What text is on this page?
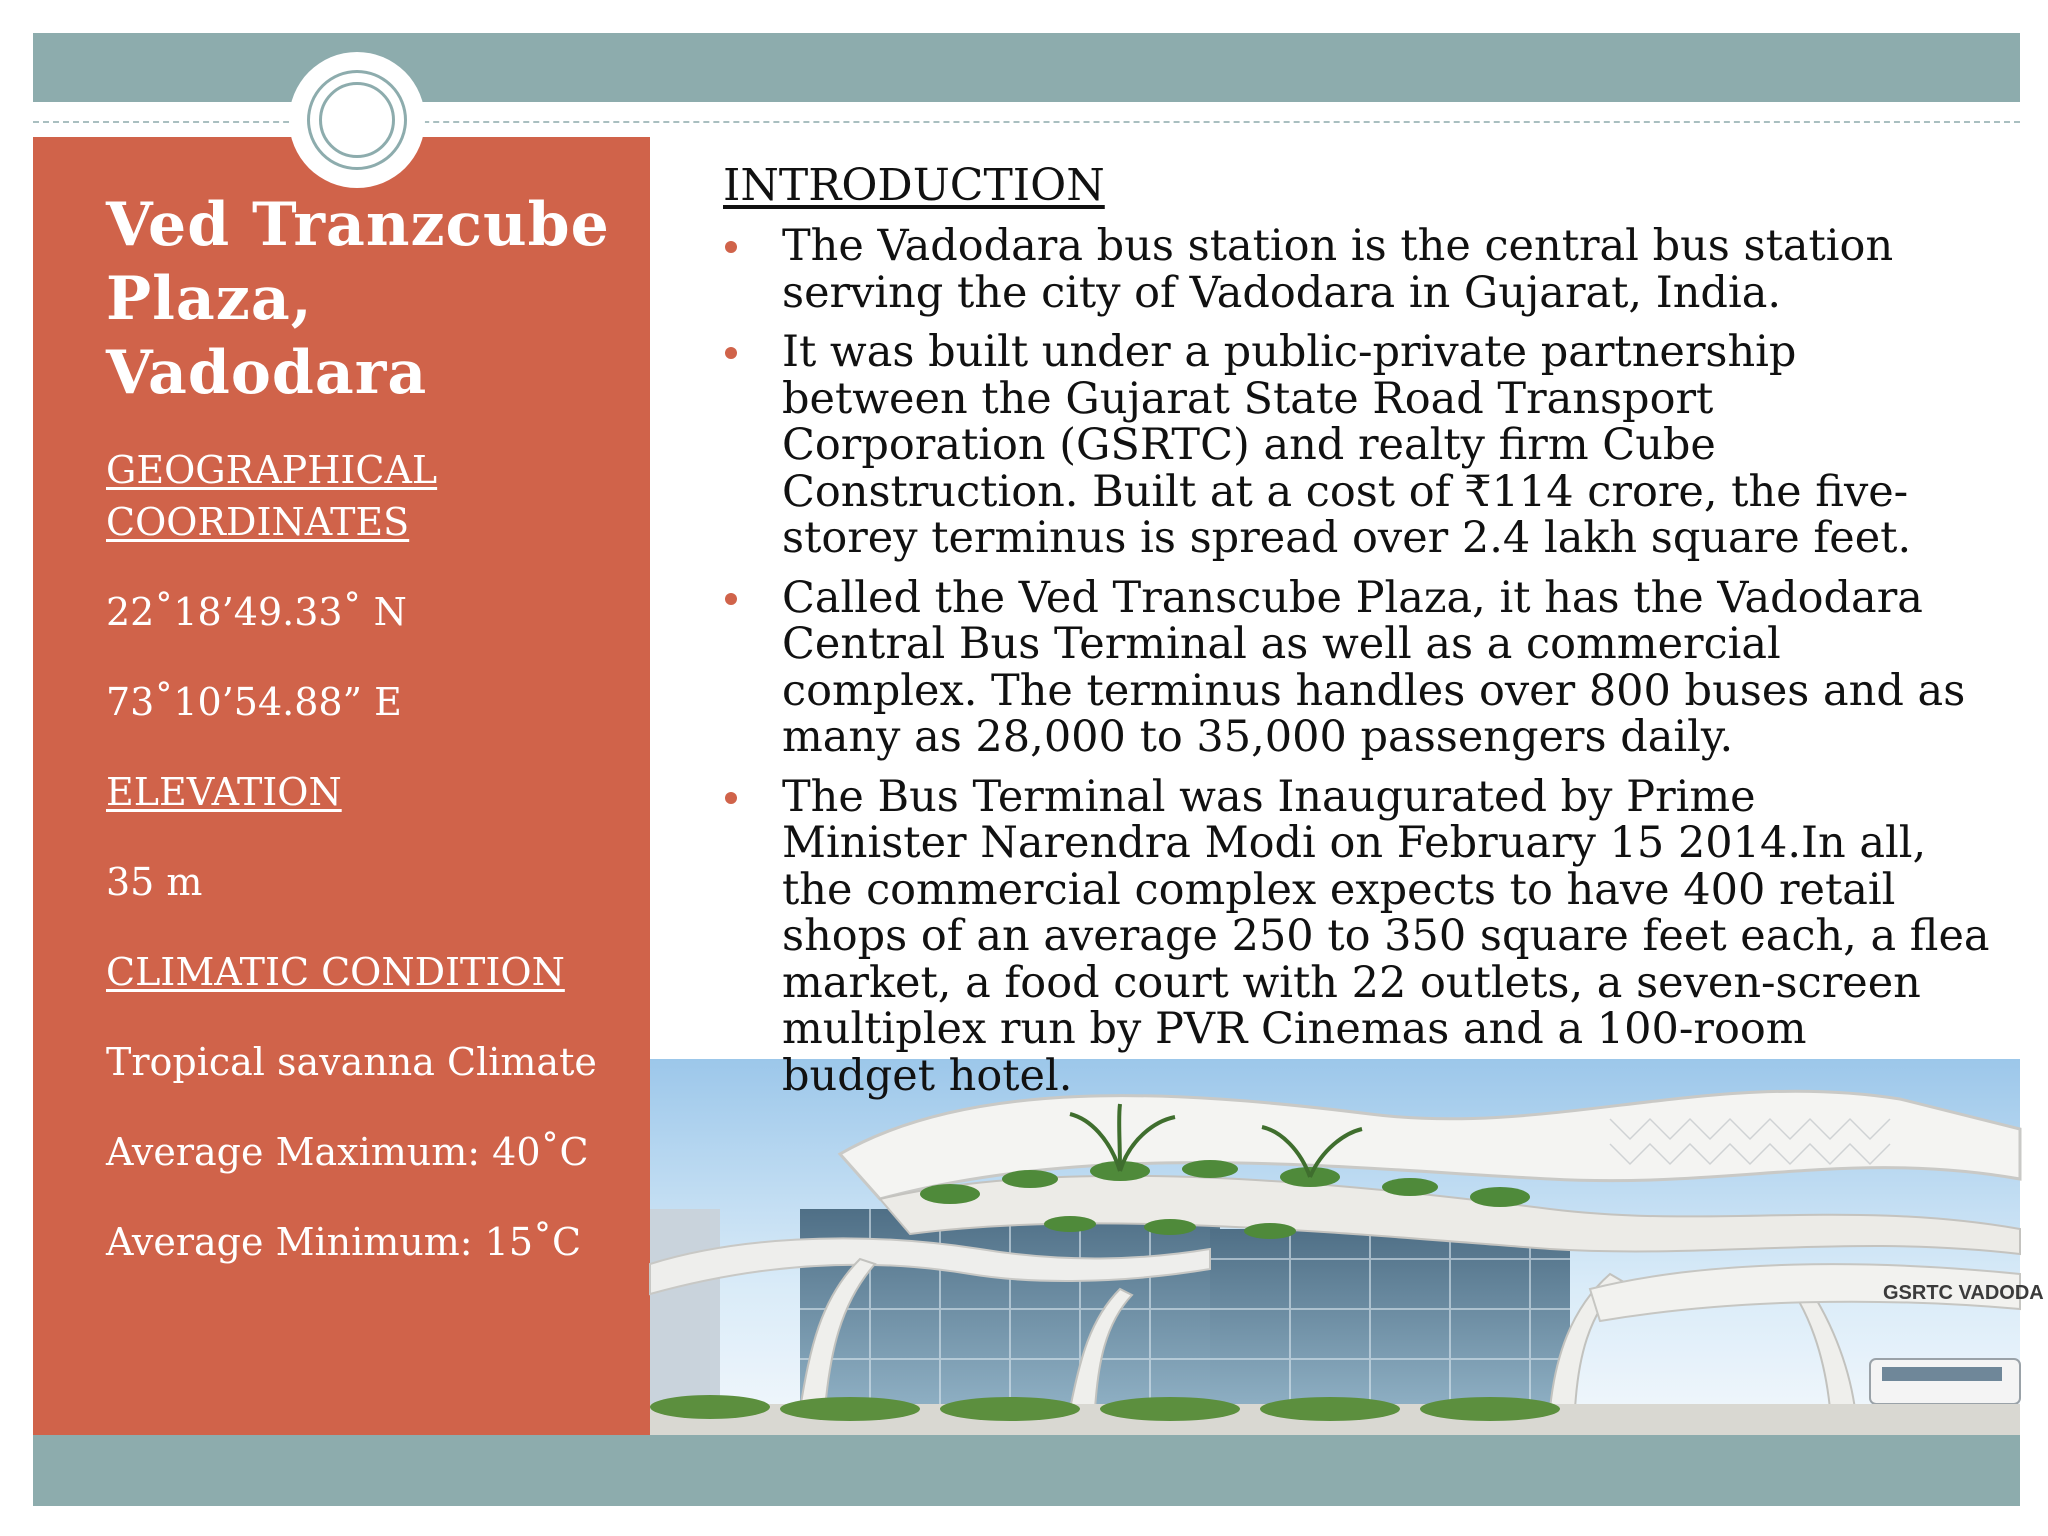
Ved Tranzcube
Plaza,
Vadodara
GEOGRAPHICAL
COORDINATES
22˚18’49.33˚ N
73˚10’54.88” E
ELEVATION
35 m
CLIMATIC CONDITION
Tropical savanna Climate
Average Maximum: 40˚C
Average Minimum: 15˚C
GSRTC VADODA
INTRODUCTION
The Vadodara bus station is the central bus station
serving the city of Vadodara in Gujarat, India.
It was built under a public-private partnership
between the Gujarat State Road Transport
Corporation (GSRTC) and realty firm Cube
Construction. Built at a cost of ₹114 crore, the five-
storey terminus is spread over 2.4 lakh square feet.
Called the Ved Transcube Plaza, it has the Vadodara
Central Bus Terminal as well as a commercial
complex. The terminus handles over 800 buses and as
many as 28,000 to 35,000 passengers daily.
The Bus Terminal was Inaugurated by Prime
Minister Narendra Modi on February 15 2014.In all,
the commercial complex expects to have 400 retail
shops of an average 250 to 350 square feet each, a flea
market, a food court with 22 outlets, a seven-screen
multiplex run by PVR Cinemas and a 100-room
budget hotel.
